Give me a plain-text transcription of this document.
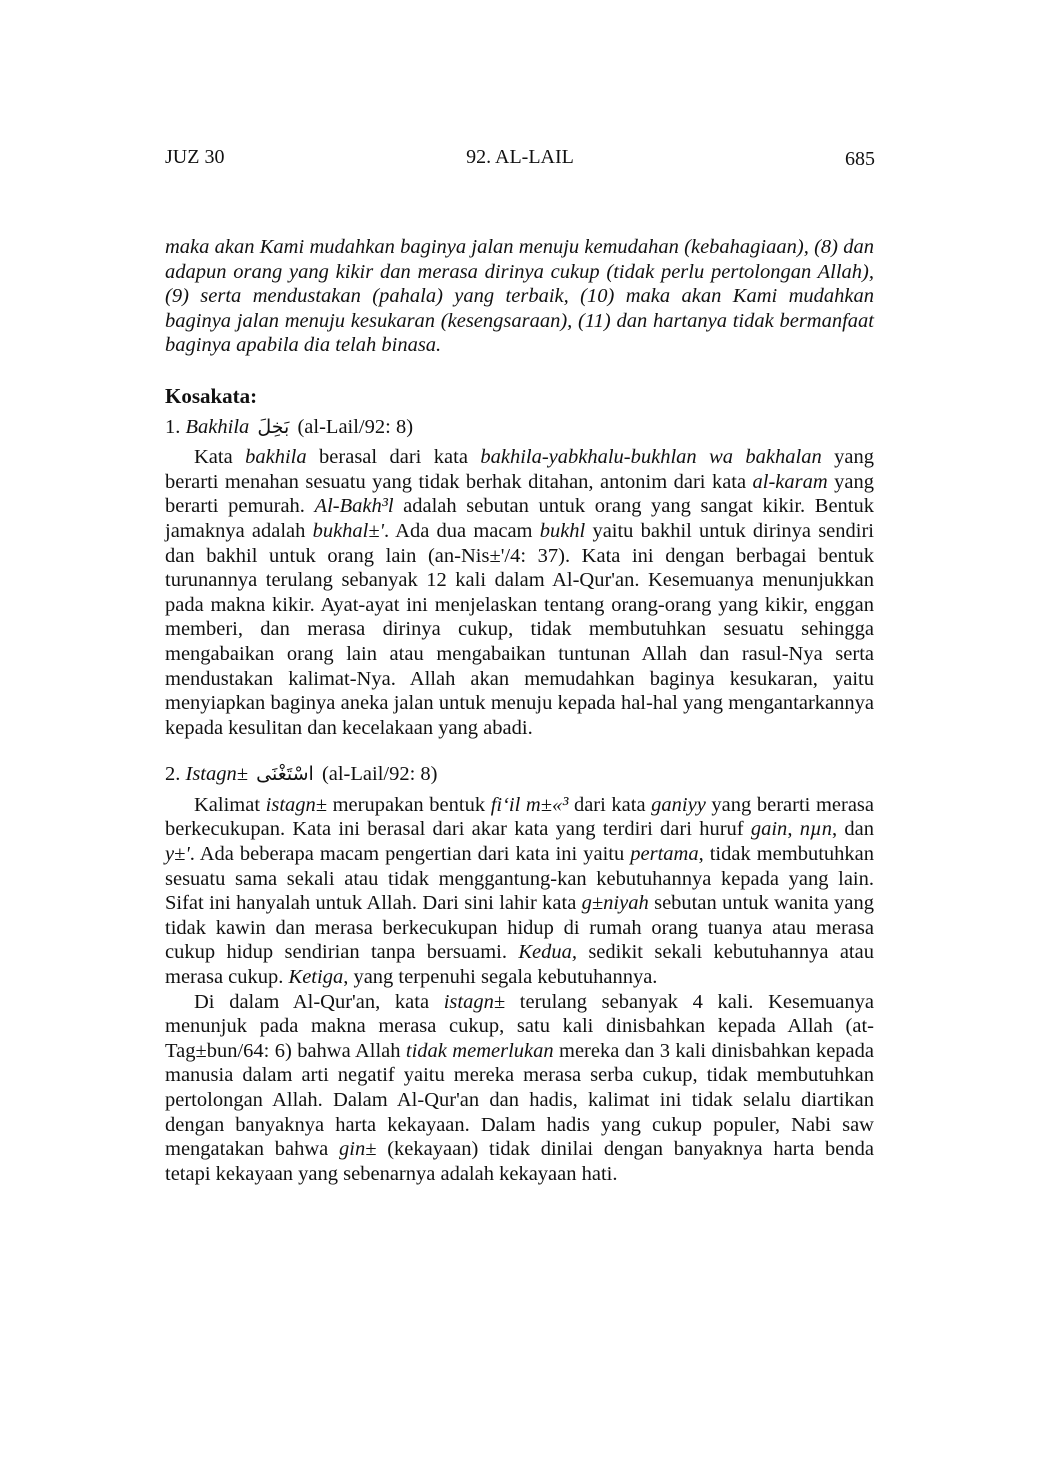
JUZ 30	92. AL-LAIL	685

maka akan Kami mudahkan baginya jalan menuju kemudahan (kebahagiaan), (8) dan adapun orang yang kikir dan merasa dirinya cukup (tidak perlu pertolongan Allah), (9) serta mendustakan (pahala) yang terbaik, (10) maka akan Kami mudahkan baginya jalan menuju kesukaran (kesengsaraan), (11) dan hartanya tidak bermanfaat baginya apabila dia telah binasa.

Kosakata:
1. Bakhila بَخِلَ (al-Lail/92: 8)

Kata bakhila berasal dari kata bakhila-yabkhalu-bukhlan wa bakhalan yang berarti menahan sesuatu yang tidak berhak ditahan, antonim dari kata al-karam yang berarti pemurah. Al-Bakh³l adalah sebutan untuk orang yang sangat kikir. Bentuk jamaknya adalah bukhal±'. Ada dua macam bukhl yaitu bakhil untuk dirinya sendiri dan bakhil untuk orang lain (an-Nis±'/4: 37). Kata ini dengan berbagai bentuk turunannya terulang sebanyak 12 kali dalam Al-Qur'an. Kesemuanya menunjukkan pada makna kikir. Ayat-ayat ini menjelaskan tentang orang-orang yang kikir, enggan memberi, dan merasa dirinya cukup, tidak membutuhkan sesuatu sehingga mengabaikan orang lain atau mengabaikan tuntunan Allah dan rasul-Nya serta mendustakan kalimat-Nya. Allah akan memudahkan baginya kesukaran, yaitu menyiapkan baginya aneka jalan untuk menuju kepada hal-hal yang mengantarkannya kepada kesulitan dan kecelakaan yang abadi.

2. Istagn± اسْتَغْنَى (al-Lail/92: 8)

Kalimat istagn± merupakan bentuk fi‘il m±«³ dari kata ganiyy yang berarti merasa berkecukupan. Kata ini berasal dari akar kata yang terdiri dari huruf gain, nµn, dan y±'. Ada beberapa macam pengertian dari kata ini yaitu pertama, tidak membutuhkan sesuatu sama sekali atau tidak menggantung-kan kebutuhannya kepada yang lain. Sifat ini hanyalah untuk Allah. Dari sini lahir kata g±niyah sebutan untuk wanita yang tidak kawin dan merasa berkecukupan hidup di rumah orang tuanya atau merasa cukup hidup sendirian tanpa bersuami. Kedua, sedikit sekali kebutuhannya atau merasa cukup. Ketiga, yang terpenuhi segala kebutuhannya.

Di dalam Al-Qur'an, kata istagn± terulang sebanyak 4 kali. Kesemuanya menunjuk pada makna merasa cukup, satu kali dinisbahkan kepada Allah (at-Tag±bun/64: 6) bahwa Allah tidak memerlukan mereka dan 3 kali dinisbahkan kepada manusia dalam arti negatif yaitu mereka merasa serba cukup, tidak membutuhkan pertolongan Allah. Dalam Al-Qur'an dan hadis, kalimat ini tidak selalu diartikan dengan banyaknya harta kekayaan. Dalam hadis yang cukup populer, Nabi saw mengatakan bahwa gin± (kekayaan) tidak dinilai dengan banyaknya harta benda tetapi kekayaan yang sebenarnya adalah kekayaan hati.
